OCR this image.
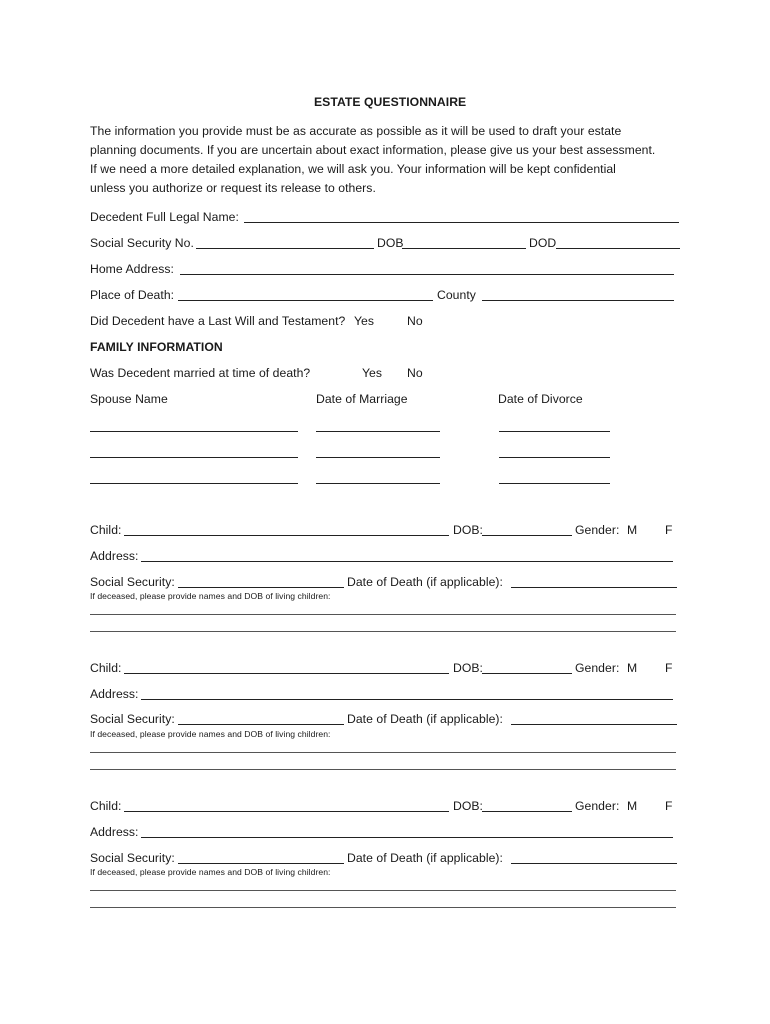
ESTATE QUESTIONNAIRE
The information you provide must be as accurate as possible as it will be used to draft your estate
planning documents. If you are uncertain about exact information, please give us your best assessment.
If we need a more detailed explanation, we will ask you. Your information will be kept confidential
unless you authorize or request its release to others.
Decedent Full Legal Name:
Social Security No.	DOB	DOD
Home Address:
Place of Death:	County
Did Decedent have a Last Will and Testament? Yes	No
FAMILY INFORMATION
Was Decedent married at time of death?	Yes No
Spouse Name	Date of Marriage	Date of Divorce
Child:	DOB:	Gender: M F
Address:
Social Security:	Date of Death (if applicable):
If deceased, please provide names and DOB of living children:
Child:	DOB:	Gender: M F
Address:
Social Security:	Date of Death (if applicable):
If deceased, please provide names and DOB of living children:
Child:	DOB:	Gender: M F
Address:
Social Security:	Date of Death (if applicable):
If deceased, please provide names and DOB of living children:
